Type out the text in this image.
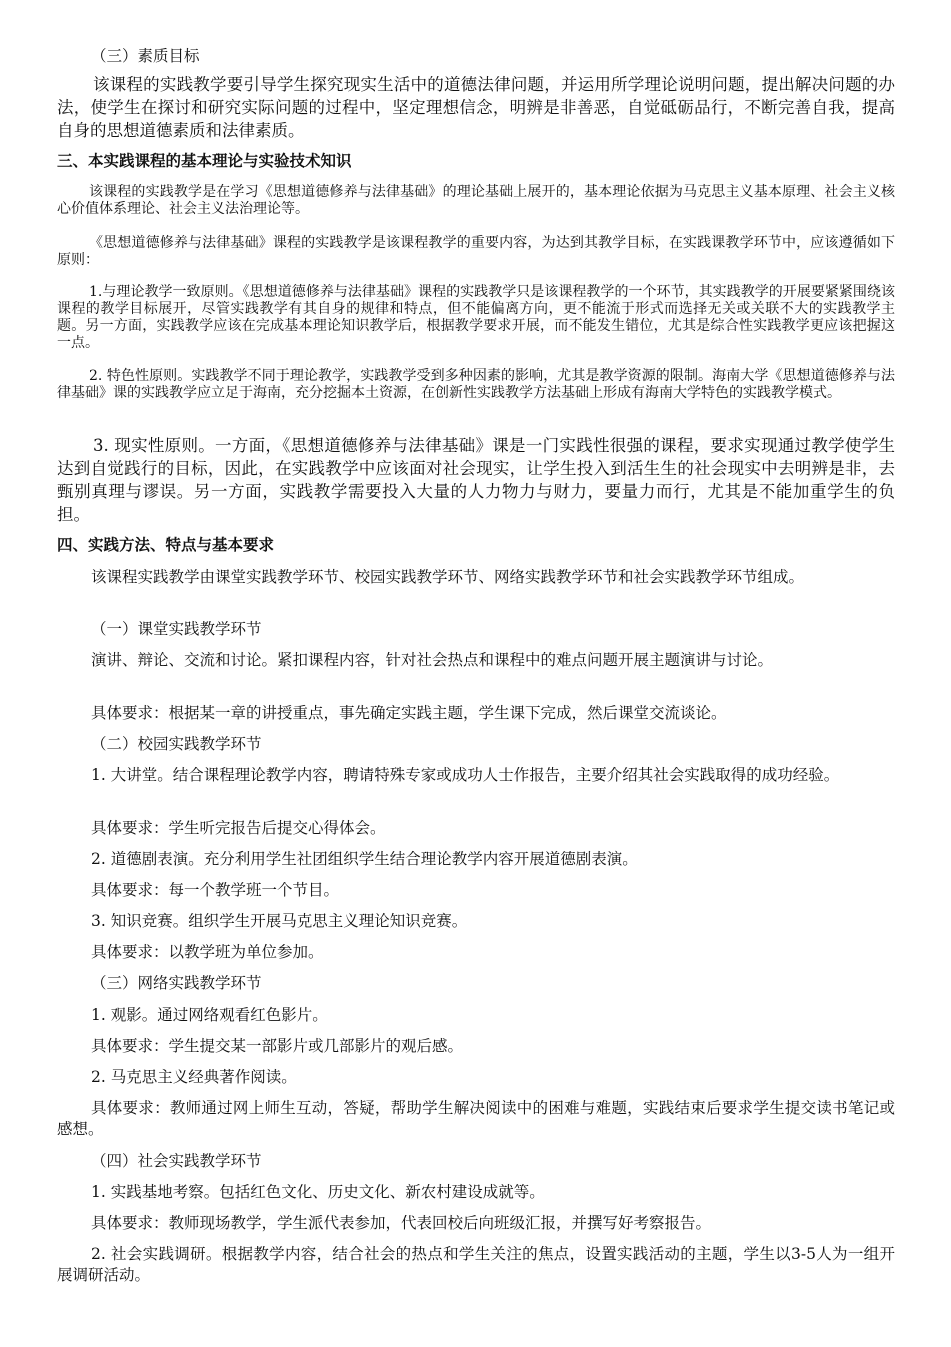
（三）素质目标

该课程的实践教学要引导学生探究现实生活中的道德法律问题，并运用所学理论说明问题，提出解决问题的办法，使学生在探讨和研究实际问题的过程中，坚定理想信念，明辨是非善恶，自觉砥砺品行，不断完善自我，提高自身的思想道德素质和法律素质。

三、本实践课程的基本理论与实验技术知识

该课程的实践教学是在学习《思想道德修养与法律基础》的理论基础上展开的，基本理论依据为马克思主义基本原理、社会主义核心价值体系理论、社会主义法治理论等。

《思想道德修养与法律基础》课程的实践教学是该课程教学的重要内容，为达到其教学目标，在实践课教学环节中，应该遵循如下原则：

1.与理论教学一致原则。《思想道德修养与法律基础》课程的实践教学只是该课程教学的一个环节，其实践教学的开展要紧紧围绕该课程的教学目标展开，尽管实践教学有其自身的规律和特点，但不能偏离方向，更不能流于形式而选择无关或关联不大的实践教学主题。另一方面，实践教学应该在完成基本理论知识教学后，根据教学要求开展，而不能发生错位，尤其是综合性实践教学更应该把握这一点。

2. 特色性原则。实践教学不同于理论教学，实践教学受到多种因素的影响，尤其是教学资源的限制。海南大学《思想道德修养与法律基础》课的实践教学应立足于海南，充分挖掘本土资源，在创新性实践教学方法基础上形成有海南大学特色的实践教学模式。

3. 现实性原则。一方面，《思想道德修养与法律基础》课是一门实践性很强的课程，要求实现通过教学使学生达到自觉践行的目标，因此，在实践教学中应该面对社会现实，让学生投入到活生生的社会现实中去明辨是非，去甄别真理与谬误。另一方面，实践教学需要投入大量的人力物力与财力，要量力而行，尤其是不能加重学生的负担。

四、实践方法、特点与基本要求

该课程实践教学由课堂实践教学环节、校园实践教学环节、网络实践教学环节和社会实践教学环节组成。

（一）课堂实践教学环节

演讲、辩论、交流和讨论。紧扣课程内容，针对社会热点和课程中的难点问题开展主题演讲与讨论。

具体要求：根据某一章的讲授重点，事先确定实践主题，学生课下完成，然后课堂交流谈论。

（二）校园实践教学环节

1. 大讲堂。结合课程理论教学内容，聘请特殊专家或成功人士作报告，主要介绍其社会实践取得的成功经验。

具体要求：学生听完报告后提交心得体会。

2. 道德剧表演。充分利用学生社团组织学生结合理论教学内容开展道德剧表演。

具体要求：每一个教学班一个节目。

3. 知识竞赛。组织学生开展马克思主义理论知识竞赛。

具体要求：以教学班为单位参加。

（三）网络实践教学环节

1. 观影。通过网络观看红色影片。

具体要求：学生提交某一部影片或几部影片的观后感。

2. 马克思主义经典著作阅读。

具体要求：教师通过网上师生互动，答疑，帮助学生解决阅读中的困难与难题，实践结束后要求学生提交读书笔记或感想。

（四）社会实践教学环节

1. 实践基地考察。包括红色文化、历史文化、新农村建设成就等。

具体要求：教师现场教学，学生派代表参加，代表回校后向班级汇报，并撰写好考察报告。

2. 社会实践调研。根据教学内容，结合社会的热点和学生关注的焦点，设置实践活动的主题，学生以3-5人为一组开展调研活动。
